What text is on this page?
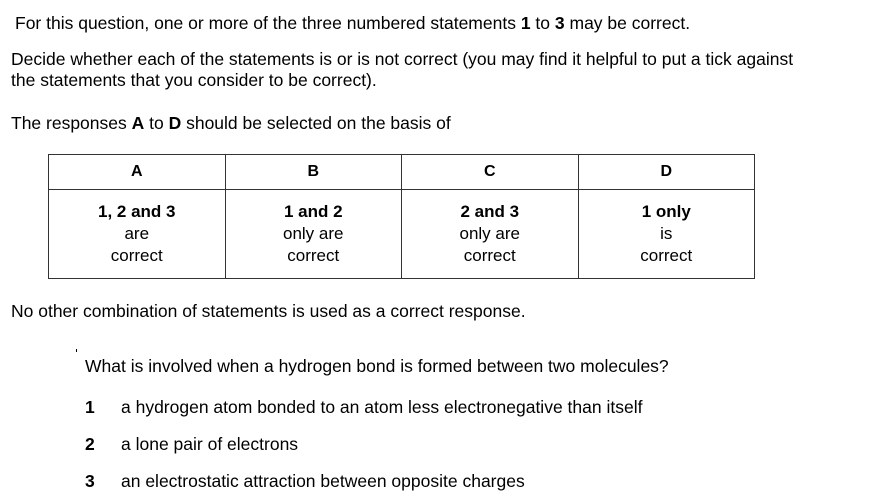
For this question, one or more of the three numbered statements 1 to 3 may be correct.
Decide whether each of the statements is or is not correct (you may find it helpful to put a tick against
the statements that you consider to be correct).
The responses A to D should be selected on the basis of
A	B	C	D

1, 2 and 3
are
correct	1 and 2
only are
correct	2 and 3
only are
correct	1 only
is
correct
No other combination of statements is used as a correct response.
What is involved when a hydrogen bond is formed between two molecules?
1 a hydrogen atom bonded to an atom less electronegative than itself
2 a lone pair of electrons
3 an electrostatic attraction between opposite charges
